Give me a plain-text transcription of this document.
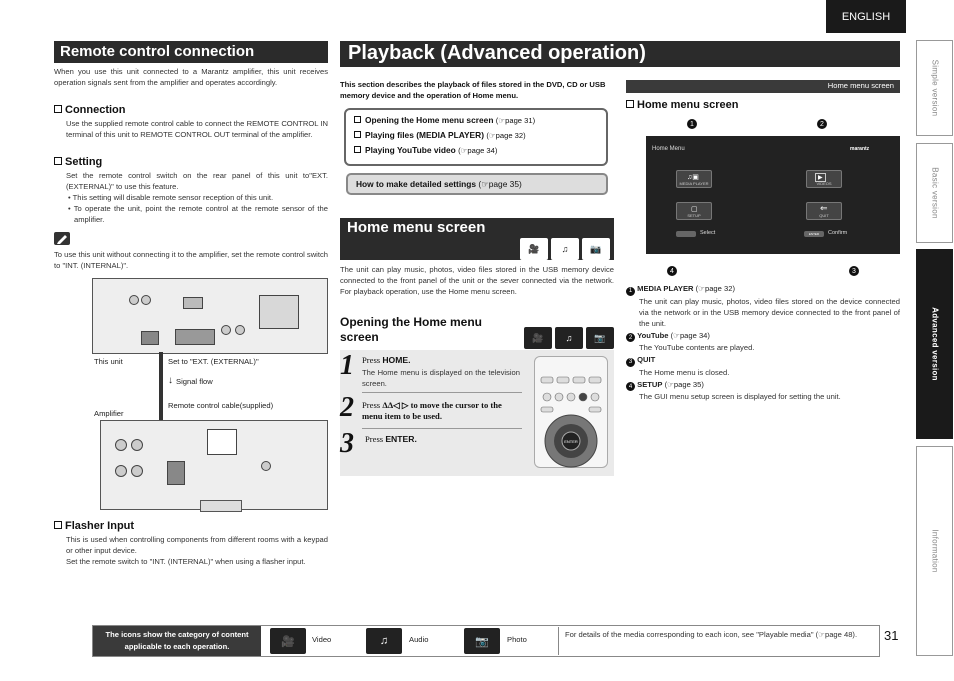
ENGLISH
Simple version
Basic version
Advanced version
Information
Remote control connection
When you use this unit connected to a Marantz amplifier, this unit receives operation signals sent from the amplifier and operates accordingly.
Connection
Use the supplied remote control cable to connect the REMOTE CONTROL IN terminal of this unit to REMOTE CONTROL OUT terminal of the amplifier.
Setting
Set the remote control switch on the rear panel of this unit to"EXT. (EXTERNAL)" to use this feature.
• This setting will disable remote sensor reception of this unit.
• To operate the unit, point the remote control at the remote sensor of the amplifier.
To use this unit without connecting it to the amplifier, set the remote control switch to "INT. (INTERNAL)".
This unit	Set to "EXT. (EXTERNAL)"
↓ Signal flow
Remote control cable(supplied)
Amplifier
Flasher Input
This is used when controlling components from different rooms with a keypad or other input device.
Set the remote switch to "INT. (INTERNAL)" when using a flasher input.
Playback (Advanced operation)
This section describes the playback of files stored in the DVD, CD or USB memory device and the operation of Home menu.
Opening the Home menu screen (☞page 31)
Playing files (MEDIA PLAYER) (☞page 32)
Playing YouTube video (☞page 34)
How to make detailed settings (☞page 35)
Home menu screen
🎥	♫	📷
The unit can play music, photos, video files stored in the USB memory device connected to the front panel of the unit or the sever connected via the network. For playback operation, use the Home menu screen.
Opening the Home menu screen	🎥	♫	📷
1 Press HOME.
The Home menu is displayed on the television screen.
2 Press ΔΔ◁ ▷ to move the cursor to the menu item to be used.
3 Press ENTER.	ENTER
Home menu screen
Home menu screen
1	2
Home Menu	marantz
♫▣
MEDIA PLAYER
▶
VIDEOS
▢
SETUP
⇐
QUIT
Select	ENTER	Confirm
4	3
1 MEDIA PLAYER (☞page 32)
The unit can play music, photos, video files stored on the device connected via the network or in the USB memory device connected to the front panel of the unit.
2 YouTube (☞page 34)
The YouTube contents are played.
3 QUIT
The Home menu is closed.
4 SETUP (☞page 35)
The GUI menu setup screen is displayed for setting the unit.
The icons show the category of content applicable to each operation.	🎥	Video	♫	Audio	📷	Photo
For details of the media corresponding to each icon, see "Playable media" (☞page 48).	31
